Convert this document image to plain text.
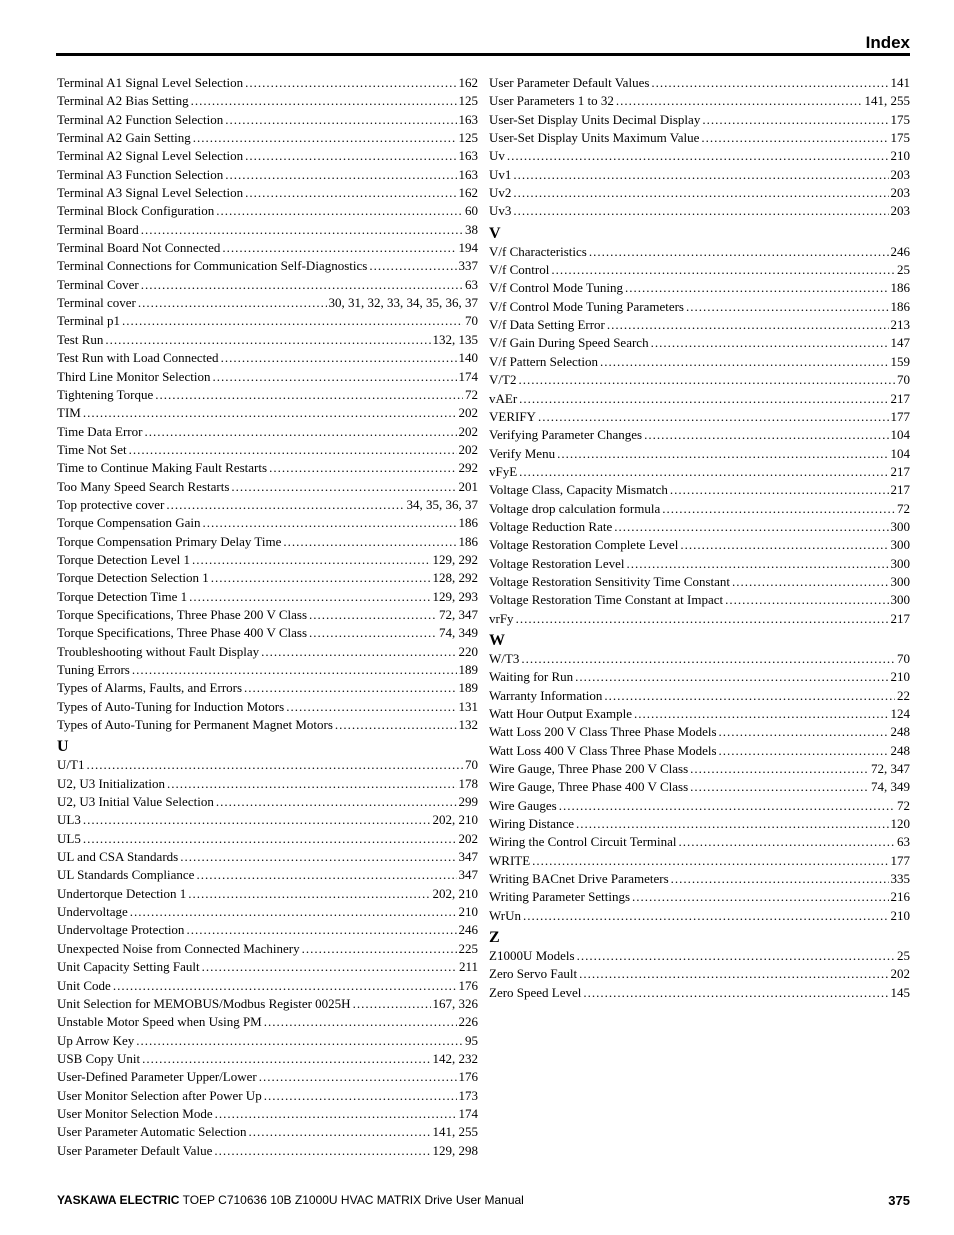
Index
Terminal A1 Signal Level Selection .....	162
Terminal A2 Bias Setting .....	125
Terminal A2 Function Selection .....	163
Terminal A2 Gain Setting .....	125
Terminal A2 Signal Level Selection .....	163
Terminal A3 Function Selection .....	163
Terminal A3 Signal Level Selection .....	162
Terminal Block Configuration .....	60
Terminal Board .....	38
Terminal Board Not Connected .....	194
Terminal Connections for Communication Self-Diagnostics .....	337
Terminal Cover .....	63
Terminal cover .....	30, 31, 32, 33, 34, 35, 36, 37
Terminal p1 .....	70
Test Run .....	132, 135
Test Run with Load Connected .....	140
Third Line Monitor Selection .....	174
Tightening Torque .....	72
TIM .....	202
Time Data Error .....	202
Time Not Set .....	202
Time to Continue Making Fault Restarts .....	292
Too Many Speed Search Restarts .....	201
Top protective cover .....	34, 35, 36, 37
Torque Compensation Gain .....	186
Torque Compensation Primary Delay Time .....	186
Torque Detection Level 1 .....	129, 292
Torque Detection Selection 1 .....	128, 292
Torque Detection Time 1 .....	129, 293
Torque Specifications, Three Phase 200 V Class .....	72, 347
Torque Specifications, Three Phase 400 V Class .....	74, 349
Troubleshooting without Fault Display .....	220
Tuning Errors .....	189
Types of Alarms, Faults, and Errors .....	189
Types of Auto-Tuning for Induction Motors .....	131
Types of Auto-Tuning for Permanent Magnet Motors .....	132
U
U/T1 .....	70
U2, U3 Initialization .....	178
U2, U3 Initial Value Selection .....	299
UL3 .....	202, 210
UL5 .....	202
UL and CSA Standards .....	347
UL Standards Compliance .....	347
Undertorque Detection 1 .....	202, 210
Undervoltage .....	210
Undervoltage Protection .....	246
Unexpected Noise from Connected Machinery .....	225
Unit Capacity Setting Fault .....	211
Unit Code .....	176
Unit Selection for MEMOBUS/Modbus Register 0025H .....	167, 326
Unstable Motor Speed when Using PM .....	226
Up Arrow Key .....	95
USB Copy Unit .....	142, 232
User-Defined Parameter Upper/Lower .....	176
User Monitor Selection after Power Up .....	173
User Monitor Selection Mode .....	174
User Parameter Automatic Selection .....	141, 255
User Parameter Default Value .....	129, 298
User Parameter Default Values .....	141
User Parameters 1 to 32 .....	141, 255
User-Set Display Units Decimal Display .....	175
User-Set Display Units Maximum Value .....	175
Uv .....	210
Uv1 .....	203
Uv2 .....	203
Uv3 .....	203
V
V/f Characteristics .....	246
V/f Control .....	25
V/f Control Mode Tuning .....	186
V/f Control Mode Tuning Parameters .....	186
V/f Data Setting Error .....	213
V/f Gain During Speed Search .....	147
V/f Pattern Selection .....	159
V/T2 .....	70
vAEr .....	217
VERIFY .....	177
Verifying Parameter Changes .....	104
Verify Menu .....	104
vFyE .....	217
Voltage Class, Capacity Mismatch .....	217
Voltage drop calculation formula .....	72
Voltage Reduction Rate .....	300
Voltage Restoration Complete Level .....	300
Voltage Restoration Level .....	300
Voltage Restoration Sensitivity Time Constant .....	300
Voltage Restoration Time Constant at Impact .....	300
vrFy .....	217
W
W/T3 .....	70
Waiting for Run .....	210
Warranty Information .....	22
Watt Hour Output Example .....	124
Watt Loss 200 V Class Three Phase Models .....	248
Watt Loss 400 V Class Three Phase Models .....	248
Wire Gauge, Three Phase 200 V Class .....	72, 347
Wire Gauge, Three Phase 400 V Class .....	74, 349
Wire Gauges .....	72
Wiring Distance .....	120
Wiring the Control Circuit Terminal .....	63
WRITE .....	177
Writing BACnet Drive Parameters .....	335
Writing Parameter Settings .....	216
WrUn .....	210
Z
Z1000U Models .....	25
Zero Servo Fault .....	202
Zero Speed Level .....	145
YASKAWA ELECTRIC TOEP C710636 10B Z1000U HVAC MATRIX Drive User Manual	375
